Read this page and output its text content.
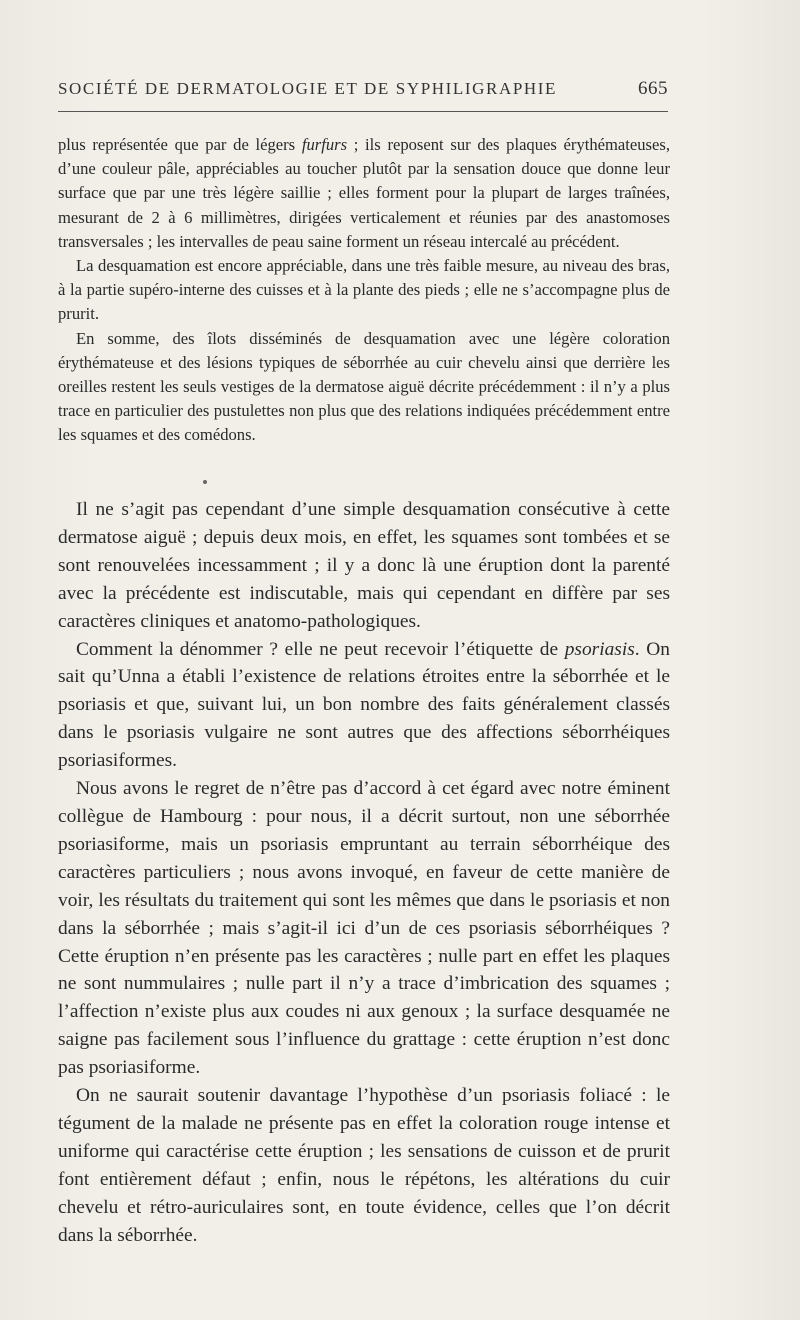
SOCIÉTÉ DE DERMATOLOGIE ET DE SYPHILIGRAPHIE	665

plus représentée que par de légers furfurs ; ils reposent sur des plaques érythémateuses, d’une couleur pâle, appréciables au toucher plutôt par la sensation douce que donne leur surface que par une très légère saillie ; elles forment pour la plupart de larges traînées, mesurant de 2 à 6 millimètres, dirigées verticalement et réunies par des anastomoses transversales ; les intervalles de peau saine forment un réseau intercalé au précédent.

La desquamation est encore appréciable, dans une très faible mesure, au niveau des bras, à la partie supéro-interne des cuisses et à la plante des pieds ; elle ne s’accompagne plus de prurit.

En somme, des îlots disséminés de desquamation avec une légère coloration érythémateuse et des lésions typiques de séborrhée au cuir chevelu ainsi que derrière les oreilles restent les seuls vestiges de la dermatose aiguë décrite précédemment : il n’y a plus trace en particulier des pustulettes non plus que des relations indiquées précédemment entre les squames et des comédons.

Il ne s’agit pas cependant d’une simple desquamation consécutive à cette dermatose aiguë ; depuis deux mois, en effet, les squames sont tombées et se sont renouvelées incessamment ; il y a donc là une éruption dont la parenté avec la précédente est indiscutable, mais qui cependant en diffère par ses caractères cliniques et anatomo-pathologiques.

Comment la dénommer ? elle ne peut recevoir l’étiquette de psoriasis. On sait qu’Unna a établi l’existence de relations étroites entre la séborrhée et le psoriasis et que, suivant lui, un bon nombre des faits généralement classés dans le psoriasis vulgaire ne sont autres que des affections séborrhéiques psoriasiformes.

Nous avons le regret de n’être pas d’accord à cet égard avec notre éminent collègue de Hambourg : pour nous, il a décrit surtout, non une séborrhée psoriasiforme, mais un psoriasis empruntant au terrain séborrhéique des caractères particuliers ; nous avons invoqué, en faveur de cette manière de voir, les résultats du traitement qui sont les mêmes que dans le psoriasis et non dans la séborrhée ; mais s’agit-il ici d’un de ces psoriasis séborrhéiques ? Cette éruption n’en présente pas les caractères ; nulle part en effet les plaques ne sont nummulaires ; nulle part il n’y a trace d’imbrication des squames ; l’affection n’existe plus aux coudes ni aux genoux ; la surface desquamée ne saigne pas facilement sous l’influence du grattage : cette éruption n’est donc pas psoriasiforme.

On ne saurait soutenir davantage l’hypothèse d’un psoriasis foliacé : le tégument de la malade ne présente pas en effet la coloration rouge intense et uniforme qui caractérise cette éruption ; les sensations de cuisson et de prurit font entièrement défaut ; enfin, nous le répétons, les altérations du cuir chevelu et rétro-auriculaires sont, en toute évidence, celles que l’on décrit dans la séborrhée.
